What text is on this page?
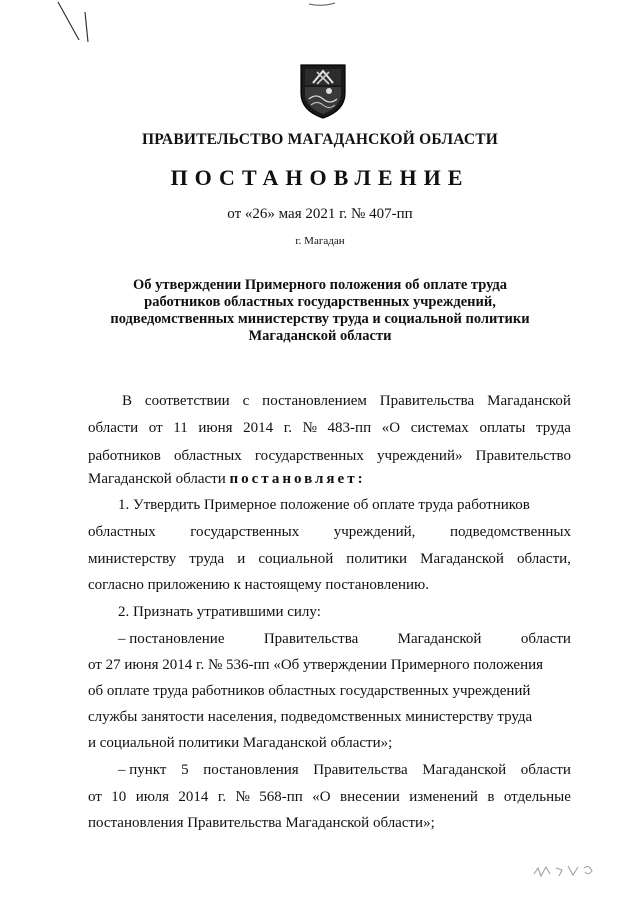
ПРАВИТЕЛЬСТВО МАГАДАНСКОЙ ОБЛАСТИ
ПОСТАНОВЛЕНИЕ
от «26» мая 2021 г. № 407-пп
г. Магадан
Об утверждении Примерного положения об оплате труда
работников областных государственных учреждений,
подведомственных министерству труда и социальной политики
Магаданской области
В соответствии с постановлением Правительства Магаданской
области от 11 июня 2014 г. № 483-пп «О системах оплаты труда
работников областных государственных учреждений» Правительство
Магаданской области постановляет:
1. Утвердить Примерное положение об оплате труда работников
областных государственных учреждений, подведомственных
министерству труда и социальной политики Магаданской области,
согласно приложению к настоящему постановлению.
2. Признать утратившими силу:
– постановление	Правительства	Магаданской	области
от 27 июня 2014 г. № 536-пп «Об утверждении Примерного положения
об оплате труда работников областных государственных учреждений
службы занятости населения, подведомственных министерству труда
и социальной политики Магаданской области»;
– пункт 5 постановления Правительства Магаданской области
от 10 июля 2014 г. № 568-пп «О внесении изменений в отдельные
постановления Правительства Магаданской области»;
